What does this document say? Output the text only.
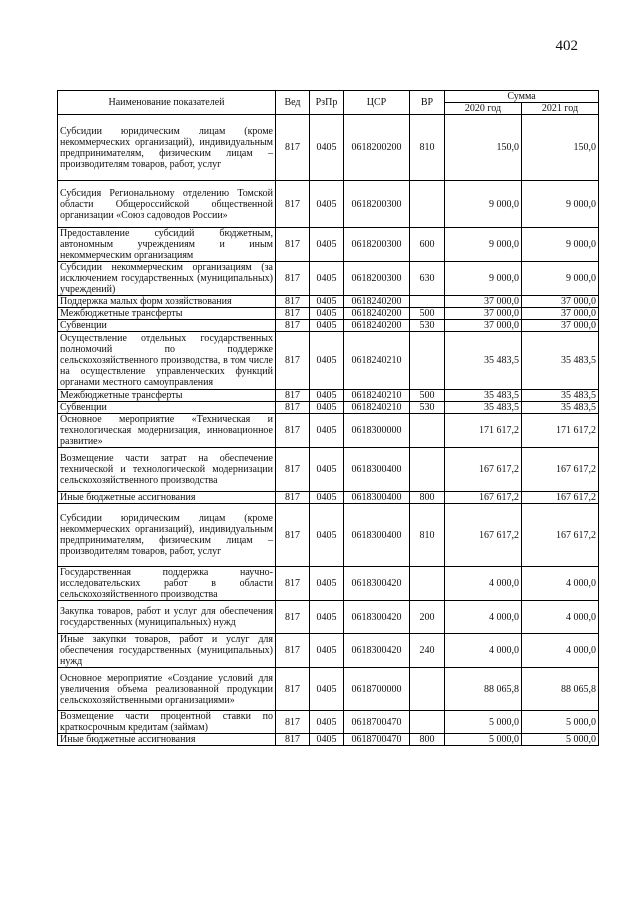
402
Наименование показателей	Вед	РзПр	ЦСР	ВР	Сумма	
					2020 год	2021 год
Субсидии юридическим лицам (кроме некоммерческих организаций), индивидуальным предпринимателям, физическим лицам – производителям товаров, работ, услуг	817	0405	0618200200	810	150,0	150,0
Субсидия Региональному отделению Томской области Общероссийской общественной организации «Союз садоводов России»	817	0405	0618200300		9 000,0	9 000,0
Предоставление субсидий бюджетным, автономным учреждениям и иным некоммерческим организациям	817	0405	0618200300	600	9 000,0	9 000,0
Субсидии некоммерческим организациям (за исключением государственных (муниципальных) учреждений)	817	0405	0618200300	630	9 000,0	9 000,0
Поддержка малых форм хозяйствования	817	0405	0618240200		37 000,0	37 000,0
Межбюджетные трансферты	817	0405	0618240200	500	37 000,0	37 000,0
Субвенции	817	0405	0618240200	530	37 000,0	37 000,0
Осуществление отдельных государственных полномочий по поддержке сельскохозяйственного производства, в том числе на осуществление управленческих функций органами местного самоуправления	817	0405	0618240210		35 483,5	35 483,5
Межбюджетные трансферты	817	0405	0618240210	500	35 483,5	35 483,5
Субвенции	817	0405	0618240210	530	35 483,5	35 483,5
Основное мероприятие «Техническая и технологическая модернизация, инновационное развитие»	817	0405	0618300000		171 617,2	171 617,2
Возмещение части затрат на обеспечение технической и технологической модернизации сельскохозяйственного производства	817	0405	0618300400		167 617,2	167 617,2
Иные бюджетные ассигнования	817	0405	0618300400	800	167 617,2	167 617,2
Субсидии юридическим лицам (кроме некоммерческих организаций), индивидуальным предпринимателям, физическим лицам – производителям товаров, работ, услуг	817	0405	0618300400	810	167 617,2	167 617,2
Государственная поддержка научно-исследовательских работ в области сельскохозяйственного производства	817	0405	0618300420		4 000,0	4 000,0
Закупка товаров, работ и услуг для обеспечения государственных (муниципальных) нужд	817	0405	0618300420	200	4 000,0	4 000,0
Иные закупки товаров, работ и услуг для обеспечения государственных (муниципальных) нужд	817	0405	0618300420	240	4 000,0	4 000,0
Основное мероприятие «Создание условий для увеличения объема реализованной продукции сельскохозяйственными организациями»	817	0405	0618700000		88 065,8	88 065,8
Возмещение части процентной ставки по краткосрочным кредитам (займам)	817	0405	0618700470		5 000,0	5 000,0
Иные бюджетные ассигнования	817	0405	0618700470	800	5 000,0	5 000,0
